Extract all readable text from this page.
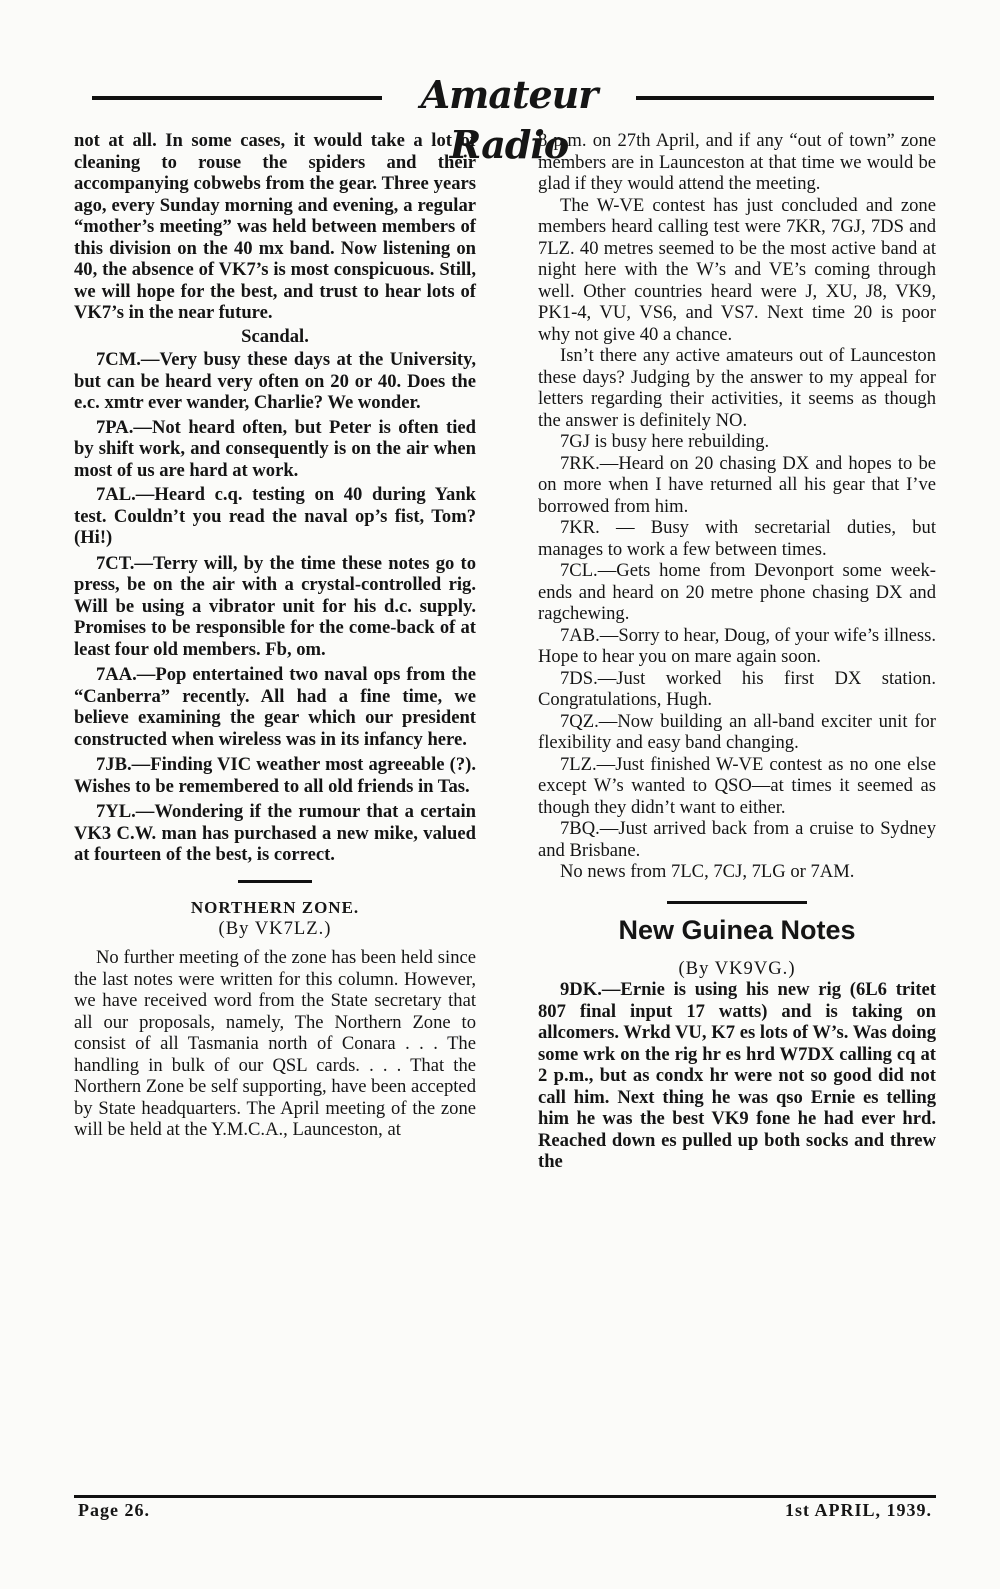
Amateur Radio

not at all. In some cases, it would take a lot of cleaning to rouse the spiders and their accompanying cobwebs from the gear. Three years ago, every Sunday morning and evening, a regular “mother’s meeting” was held between members of this division on the 40 mx band. Now listening on 40, the absence of VK7’s is most conspicuous. Still, we will hope for the best, and trust to hear lots of VK7’s in the near future.

Scandal.

7CM.—Very busy these days at the University, but can be heard very often on 20 or 40. Does the e.c. xmtr ever wander, Charlie? We wonder.

7PA.—Not heard often, but Peter is often tied by shift work, and consequently is on the air when most of us are hard at work.

7AL.—Heard c.q. testing on 40 during Yank test. Couldn’t you read the naval op’s fist, Tom? (Hi!)

7CT.—Terry will, by the time these notes go to press, be on the air with a crystal-controlled rig. Will be using a vibrator unit for his d.c. supply. Promises to be responsible for the come-back of at least four old members. Fb, om.

7AA.—Pop entertained two naval ops from the “Canberra” recently. All had a fine time, we believe examining the gear which our president constructed when wireless was in its infancy here.

7JB.—Finding VIC weather most agreeable (?). Wishes to be remembered to all old friends in Tas.

7YL.—Wondering if the rumour that a certain VK3 C.W. man has purchased a new mike, valued at fourteen of the best, is correct.

NORTHERN ZONE.
(By VK7LZ.)

No further meeting of the zone has been held since the last notes were written for this column. However, we have received word from the State secretary that all our proposals, namely, The Northern Zone to consist of all Tasmania north of Conara . . . The handling in bulk of our QSL cards. . . . That the Northern Zone be self supporting, have been accepted by State headquarters. The April meeting of the zone will be held at the Y.M.C.A., Launceston, at

8 p.m. on 27th April, and if any “out of town” zone members are in Launceston at that time we would be glad if they would attend the meeting.

The W-VE contest has just concluded and zone members heard calling test were 7KR, 7GJ, 7DS and 7LZ. 40 metres seemed to be the most active band at night here with the W’s and VE’s coming through well. Other countries heard were J, XU, J8, VK9, PK1-4, VU, VS6, and VS7. Next time 20 is poor why not give 40 a chance.

Isn’t there any active amateurs out of Launceston these days? Judging by the answer to my appeal for letters regarding their activities, it seems as though the answer is definitely NO.

7GJ is busy here rebuilding.

7RK.—Heard on 20 chasing DX and hopes to be on more when I have returned all his gear that I’ve borrowed from him.

7KR. — Busy with secretarial duties, but manages to work a few between times.

7CL.—Gets home from Devonport some week-ends and heard on 20 metre phone chasing DX and ragchewing.

7AB.—Sorry to hear, Doug, of your wife’s illness. Hope to hear you on mare again soon.

7DS.—Just worked his first DX station. Congratulations, Hugh.

7QZ.—Now building an all-band exciter unit for flexibility and easy band changing.

7LZ.—Just finished W-VE contest as no one else except W’s wanted to QSO—at times it seemed as though they didn’t want to either.

7BQ.—Just arrived back from a cruise to Sydney and Brisbane.

No news from 7LC, 7CJ, 7LG or 7AM.

New Guinea Notes
(By VK9VG.)

9DK.—Ernie is using his new rig (6L6 tritet 807 final input 17 watts) and is taking on allcomers. Wrkd VU, K7 es lots of W’s. Was doing some wrk on the rig hr es hrd W7DX calling cq at 2 p.m., but as condx hr were not so good did not call him. Next thing he was qso Ernie es telling him he was the best VK9 fone he had ever hrd. Reached down es pulled up both socks and threw the

Page 26.	1st APRIL, 1939.
